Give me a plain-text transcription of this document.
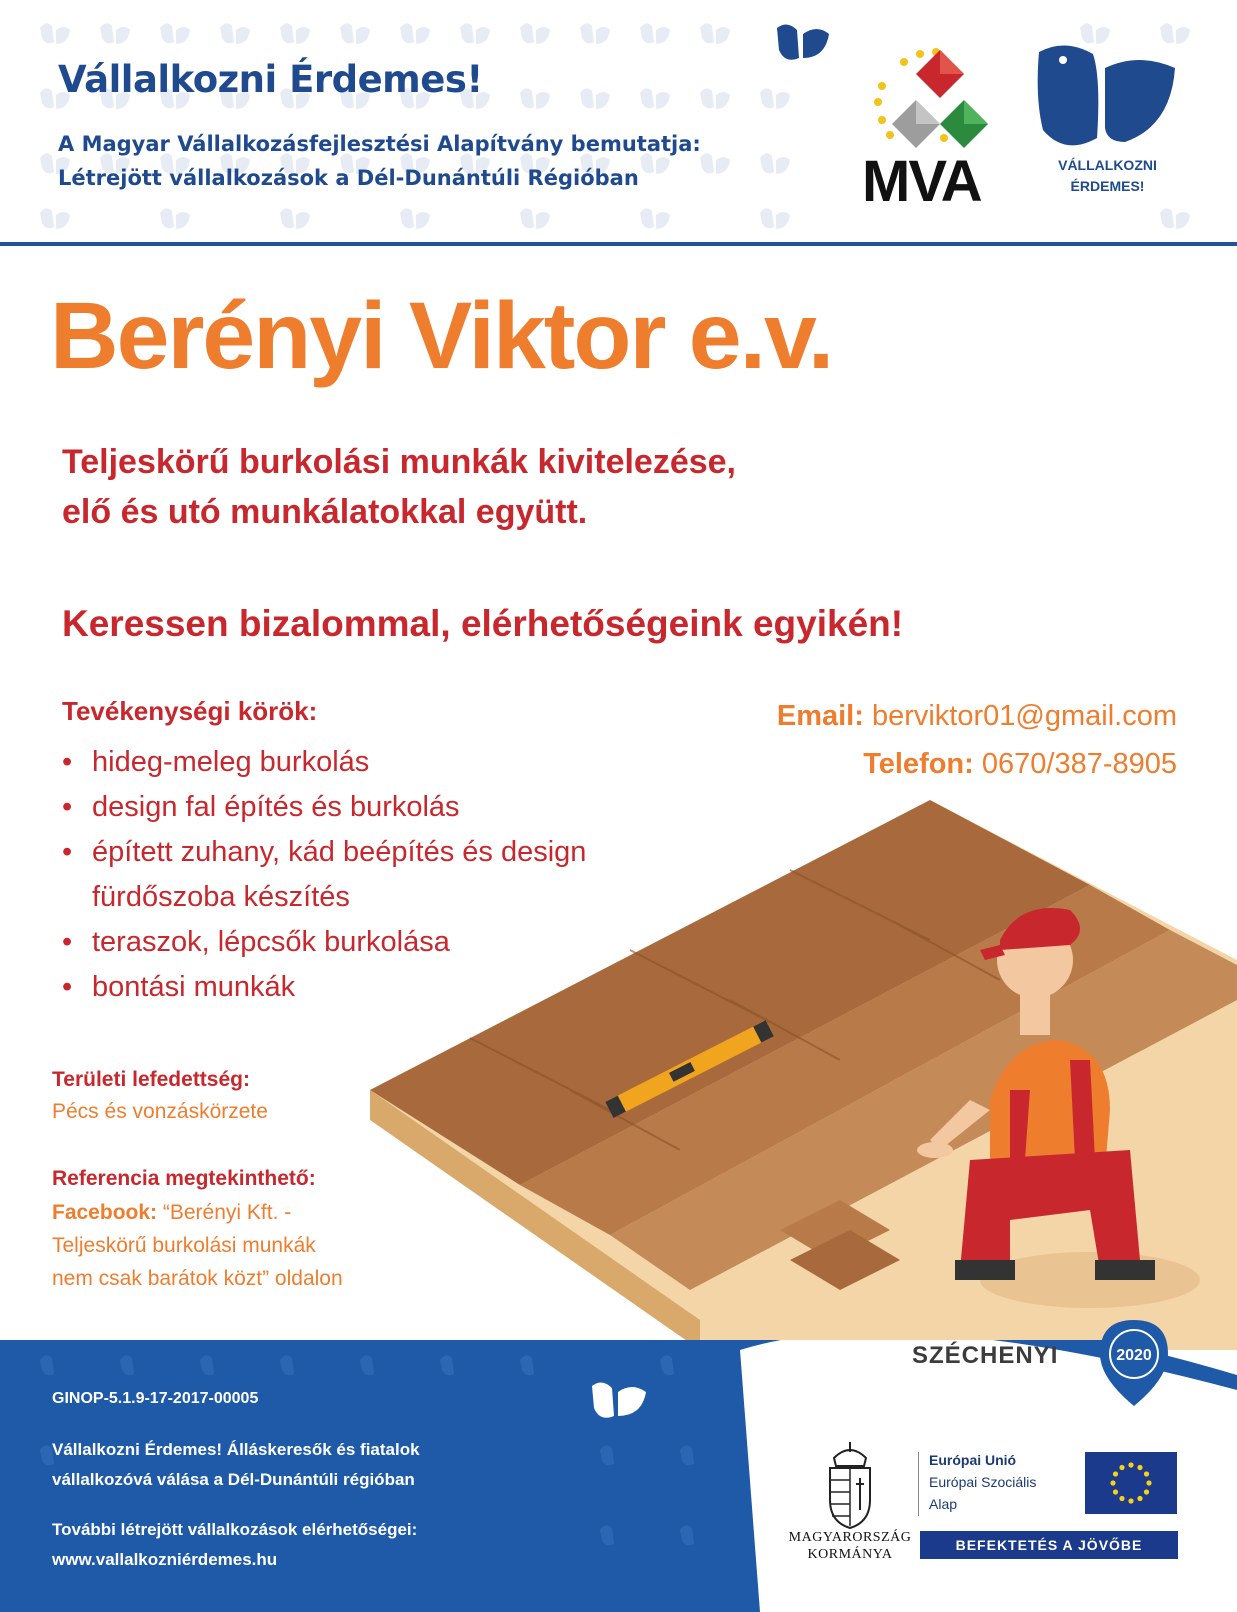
Vállalkozni Érdemes!
A Magyar Vállalkozásfejlesztési Alapítvány bemutatja:
Létrejött vállalkozások a Dél-Dunántúli Régióban	MVA	VÁLLALKOZNI
ÉRDEMES!
Berényi Viktor e.v.
Teljeskörű burkolási munkák kivitelezése,
elő és utó munkálatokkal együtt.
Keressen bizalommal, elérhetőségeink egyikén!
Tevékenységi körök:
• hideg-meleg burkolás
• design fal építés és burkolás
• épített zuhany, kád beépítés és design fürdőszoba készítés
• teraszok, lépcsők burkolása
• bontási munkák
Email: berviktor01@gmail.com
Telefon: 0670/387-8905
Területi lefedettség:
Pécs és vonzáskörzete
Referencia megtekinthető:
Facebook: “Berényi Kft. -
Teljeskörű burkolási munkák
nem csak barátok közt” oldalon
GINOP-5.1.9-17-2017-00005
Vállalkozni Érdemes! Álláskeresők és fiatalok
vállalkozóvá válása a Dél-Dunántúli régióban
További létrejött vállalkozások elérhetőségei:
www.vallalkozniérdemes.hu
SZÉCHENYI	2020
MAGYARORSZÁG
KORMÁNYA
Európai Unió
Európai Szociális
Alap
BEFEKTETÉS A JÖVŐBE
